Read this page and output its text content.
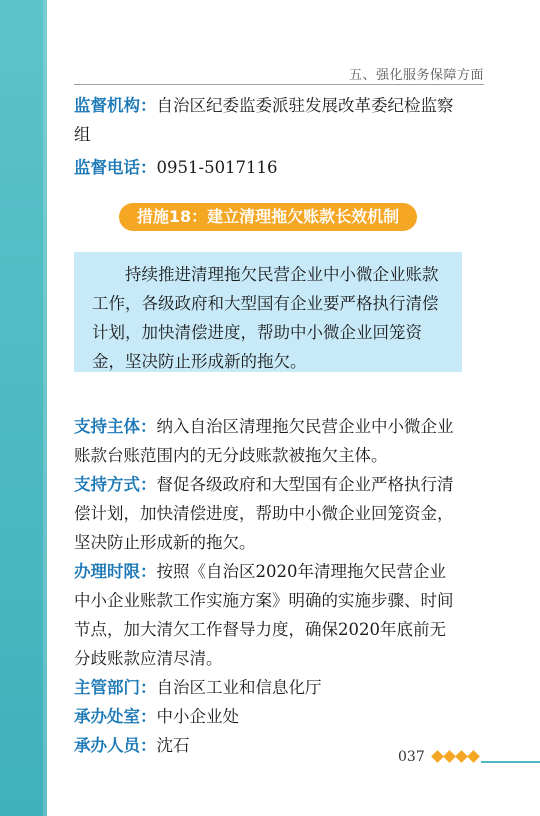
五、强化服务保障方面

监督机构：自治区纪委监委派驻发展改革委纪检监察组

监督电话：0951-5017116

措施18：建立清理拖欠账款长效机制

持续推进清理拖欠民营企业中小微企业账款工作，各级政府和大型国有企业要严格执行清偿计划，加快清偿进度，帮助中小微企业回笼资金，坚决防止形成新的拖欠。

支持主体：纳入自治区清理拖欠民营企业中小微企业账款台账范围内的无分歧账款被拖欠主体。

支持方式：督促各级政府和大型国有企业严格执行清偿计划，加快清偿进度，帮助中小微企业回笼资金，坚决防止形成新的拖欠。

办理时限：按照《自治区2020年清理拖欠民营企业中小企业账款工作实施方案》明确的实施步骤、时间节点，加大清欠工作督导力度，确保2020年底前无分歧账款应清尽清。

主管部门：自治区工业和信息化厅

承办处室：中小企业处

承办人员：沈石

037
